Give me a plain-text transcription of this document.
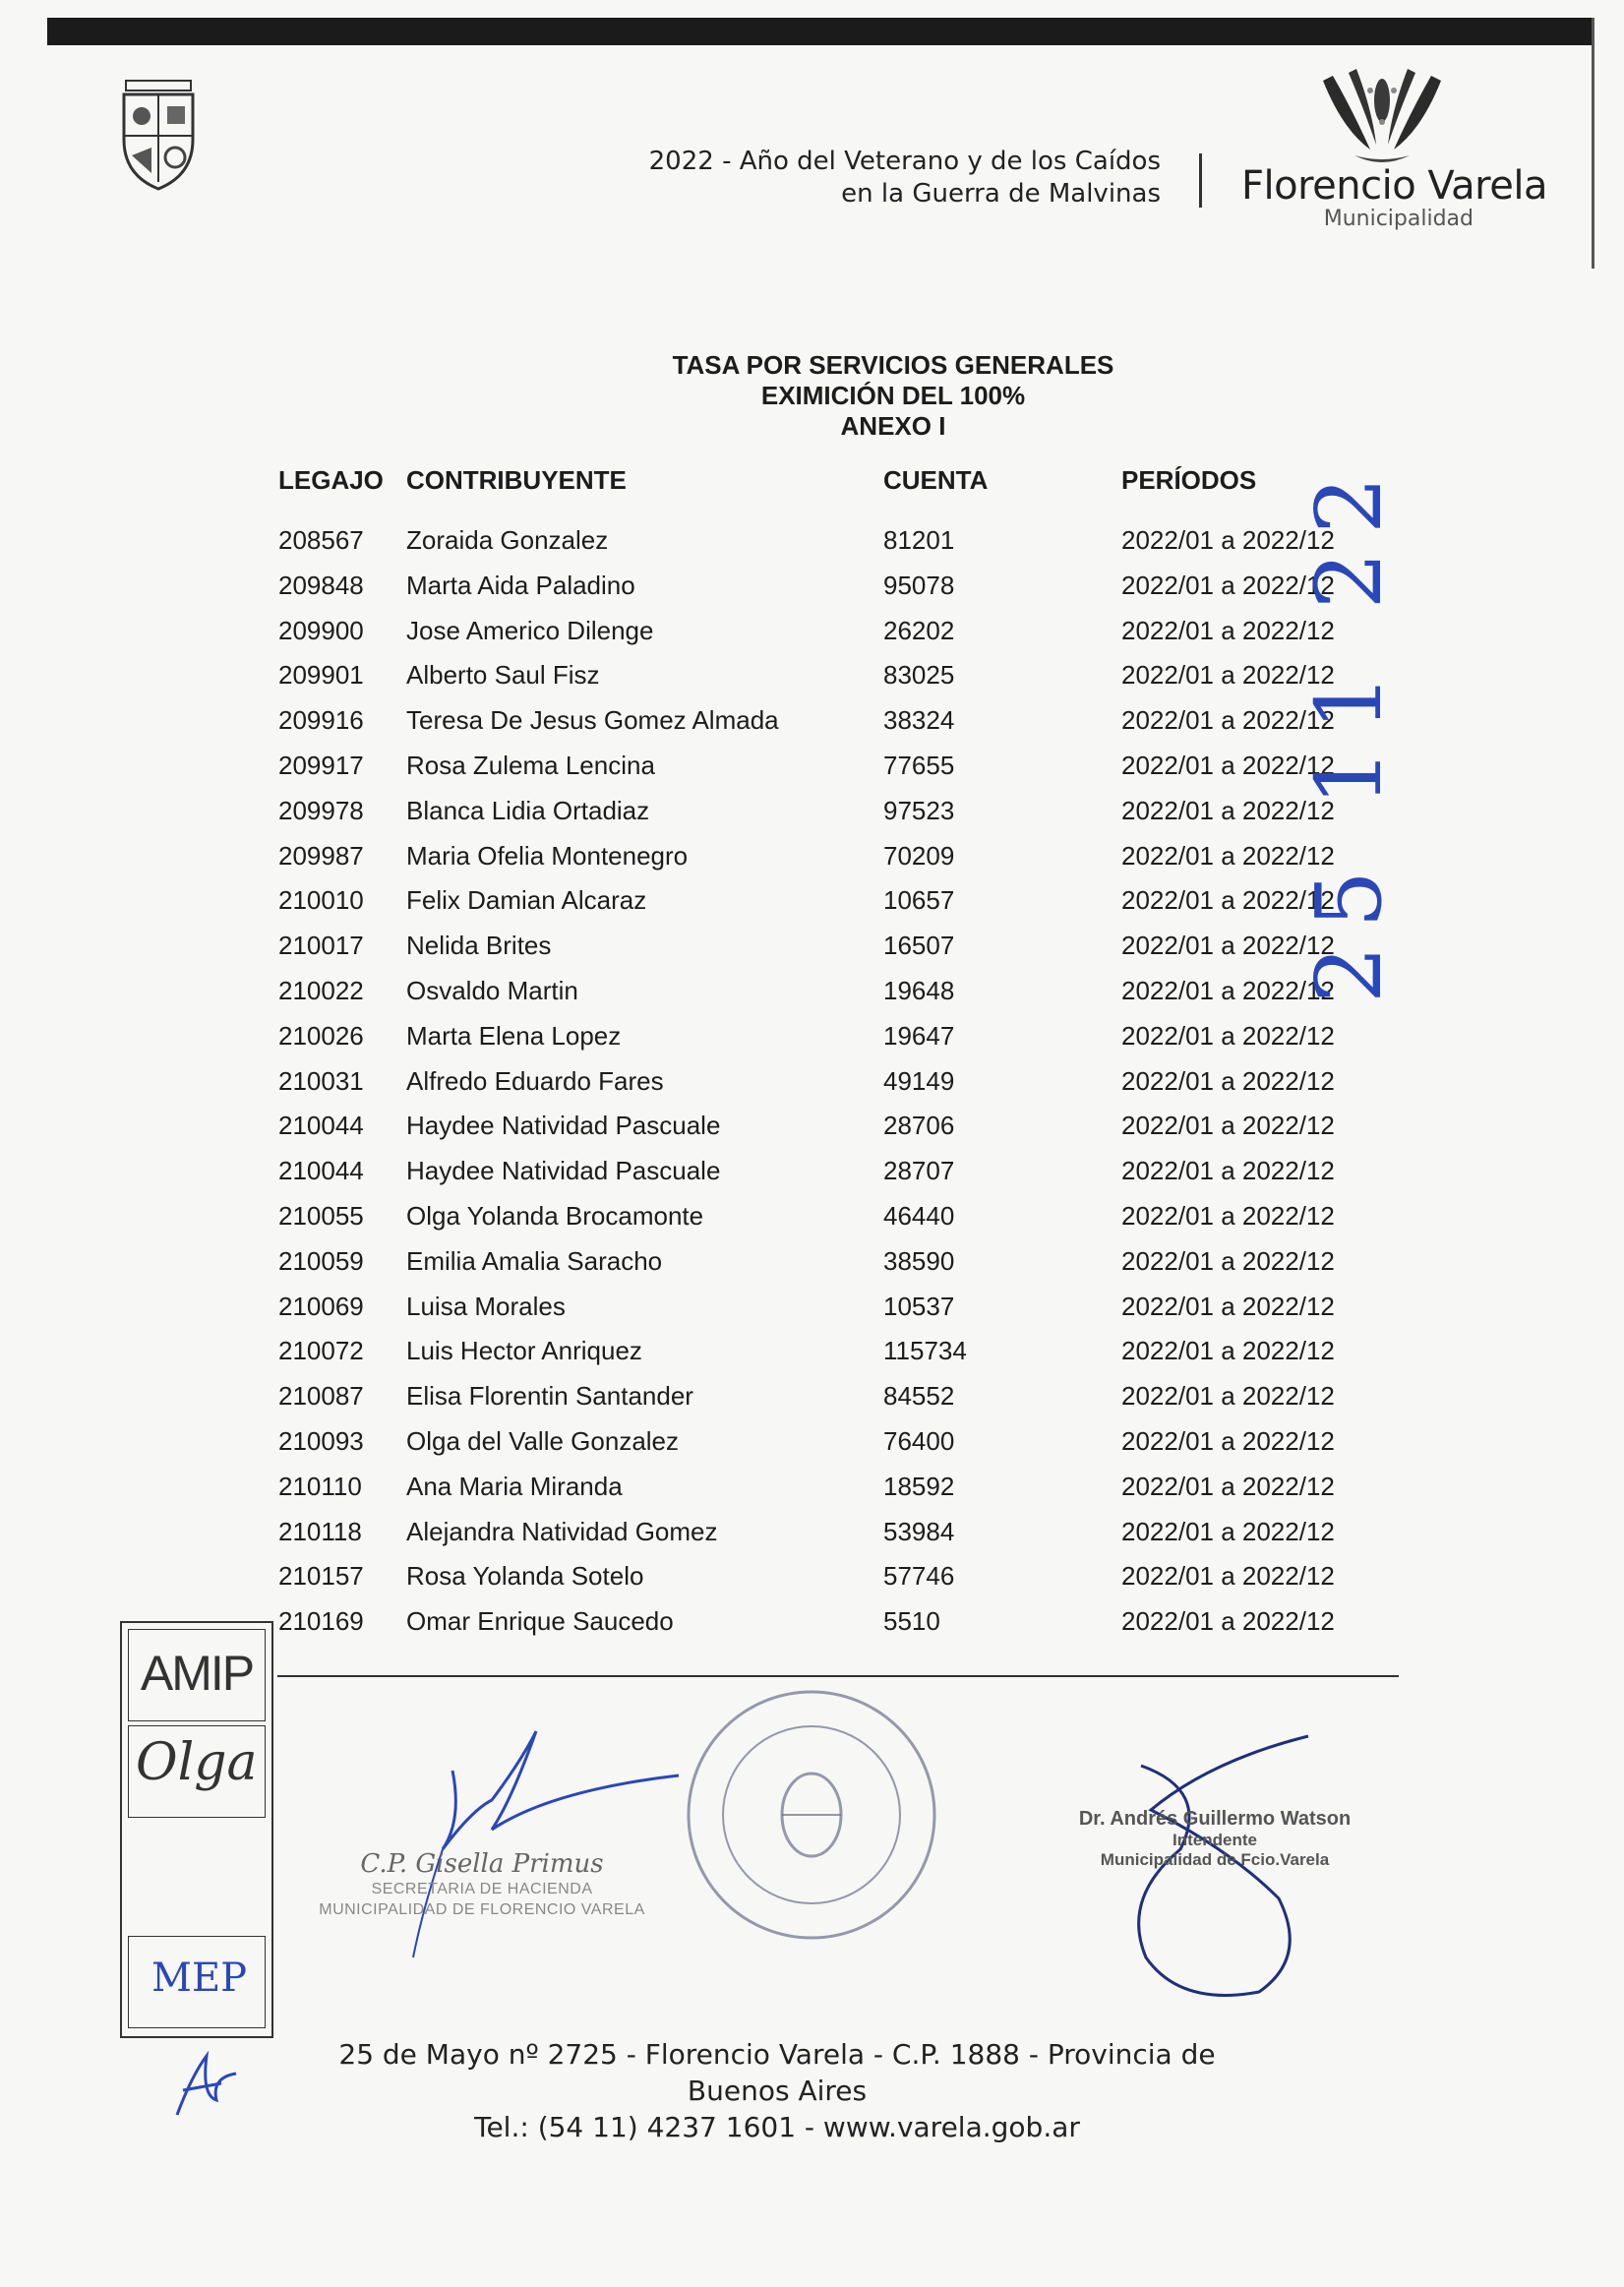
2022 - Año del Veterano y de los Caídos
en la Guerra de Malvinas Florencio Varela
Municipalidad
TASA POR SERVICIOS GENERALES
EXIMICIÓN DEL 100%
ANEXO I
LEGAJO CONTRIBUYENTE	CUENTA	PERÍODOS
208567 Zoraida Gonzalez	81201	2022/01 a 2022/12
209848 Marta Aida Paladino	95078	2022/01 a 2022/12
209900 Jose Americo Dilenge	26202	2022/01 a 2022/12
209901 Alberto Saul Fisz	83025	2022/01 a 2022/12
209916 Teresa De Jesus Gomez Almada	38324	2022/01 a 2022/12
209917 Rosa Zulema Lencina	77655	2022/01 a 2022/12
209978 Blanca Lidia Ortadiaz	97523	2022/01 a 2022/12
209987 Maria Ofelia Montenegro	70209	2022/01 a 2022/12
210010 Felix Damian Alcaraz	10657	2022/01 a 2022/12
210017 Nelida Brites	16507	2022/01 a 2022/12
210022 Osvaldo Martin	19648	2022/01 a 2022/12
210026 Marta Elena Lopez	19647	2022/01 a 2022/12
210031 Alfredo Eduardo Fares	49149	2022/01 a 2022/12
210044 Haydee Natividad Pascuale	28706	2022/01 a 2022/12
210044 Haydee Natividad Pascuale	28707	2022/01 a 2022/12
210055 Olga Yolanda Brocamonte	46440	2022/01 a 2022/12
210059 Emilia Amalia Saracho	38590	2022/01 a 2022/12
210069 Luisa Morales	10537	2022/01 a 2022/12
210072 Luis Hector Anriquez	115734	2022/01 a 2022/12
210087 Elisa Florentin Santander	84552	2022/01 a 2022/12
210093 Olga del Valle Gonzalez	76400	2022/01 a 2022/12
210110 Ana Maria Miranda	18592	2022/01 a 2022/12
210118 Alejandra Natividad Gomez	53984	2022/01 a 2022/12
210157 Rosa Yolanda Sotelo	57746	2022/01 a 2022/12
210169 Omar Enrique Saucedo	5510	2022/01 a 2022/12
AMIP
Olga
MEP
25 11 22
C.P. Gisella Primus
SECRETARIA DE HACIENDA
MUNICIPALIDAD DE FLORENCIO VARELA
Dr. Andrés Guillermo Watson
Intendente
Municipalidad de Fcio.Varela
25 de Mayo nº 2725 - Florencio Varela - C.P. 1888 - Provincia de Buenos Aires
Tel.: (54 11) 4237 1601 - www.varela.gob.ar
